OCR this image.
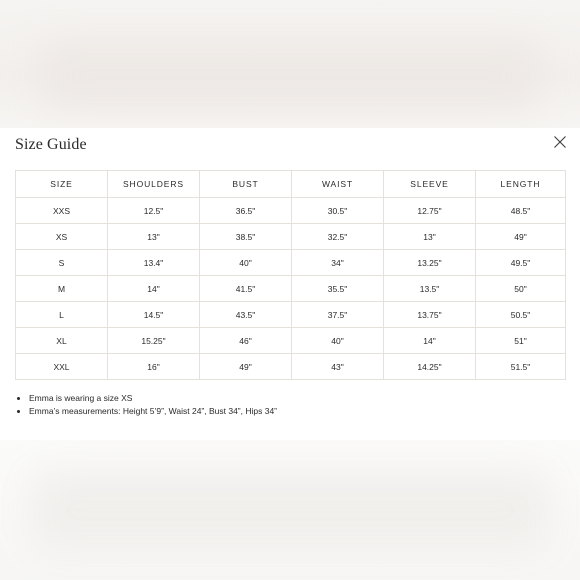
Size Guide
SIZE	SHOULDERS	BUST	WAIST	SLEEVE	LENGTH
XXS	12.5"	36.5"	30.5"	12.75"	48.5"
XS	13"	38.5"	32.5"	13"	49"
S	13.4"	40"	34"	13.25"	49.5"
M	14"	41.5"	35.5"	13.5"	50"
L	14.5"	43.5"	37.5"	13.75"	50.5"
XL	15.25"	46"	40"	14"	51"
XXL	16"	49"	43"	14.25"	51.5"
• Emma is wearing a size XS
• Emma’s measurements: Height 5’9”, Waist 24”, Bust 34”, Hips 34”
